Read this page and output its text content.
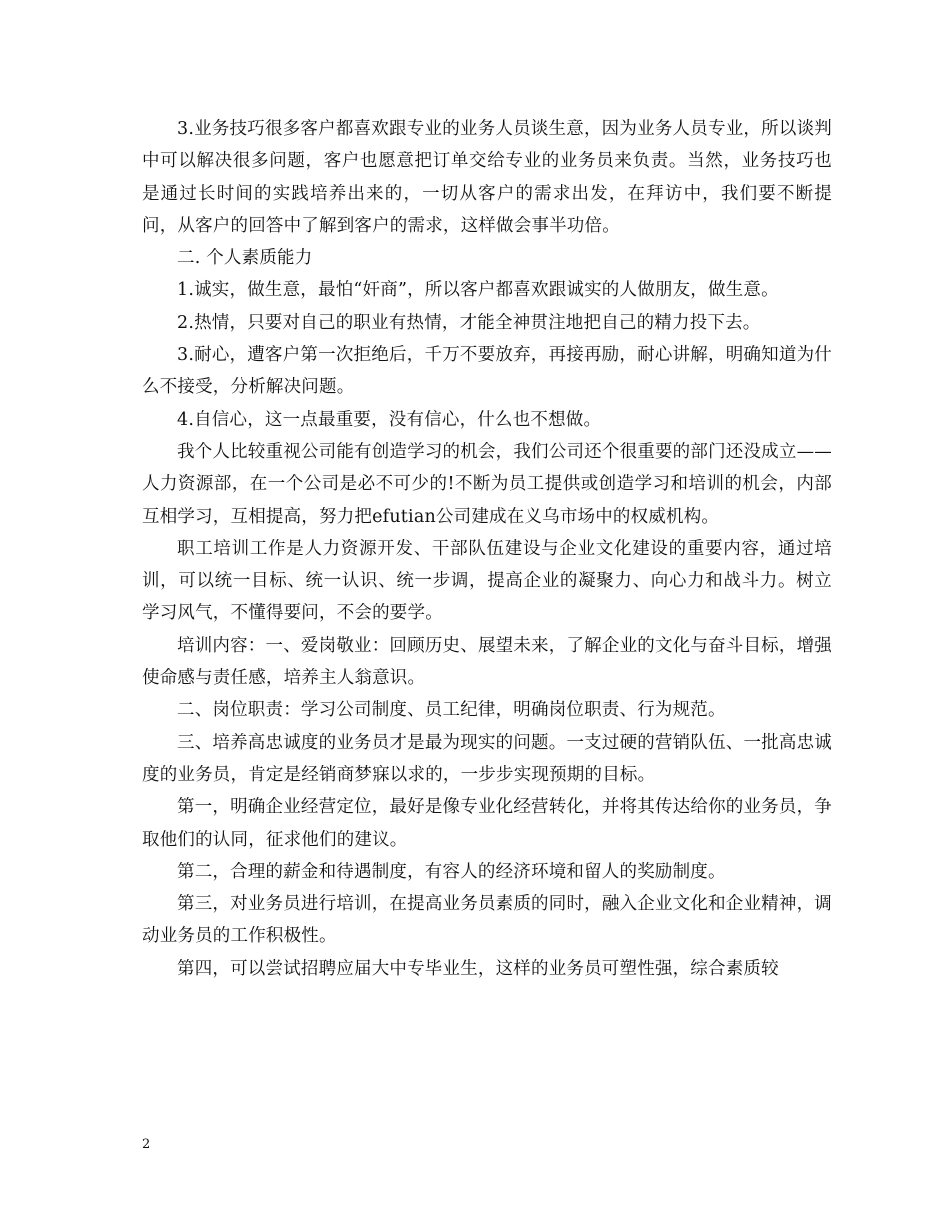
3.业务技巧很多客户都喜欢跟专业的业务人员谈生意，因为业务人员专业，所以谈判中可以解决很多问题，客户也愿意把订单交给专业的业务员来负责。当然，业务技巧也是通过长时间的实践培养出来的，一切从客户的需求出发，在拜访中，我们要不断提问，从客户的回答中了解到客户的需求，这样做会事半功倍。

二. 个人素质能力

1.诚实，做生意，最怕“奸商”，所以客户都喜欢跟诚实的人做朋友，做生意。

2.热情，只要对自己的职业有热情，才能全神贯注地把自己的精力投下去。

3.耐心，遭客户第一次拒绝后，千万不要放弃，再接再励，耐心讲解，明确知道为什么不接受，分析解决问题。

4.自信心，这一点最重要，没有信心，什么也不想做。

我个人比较重视公司能有创造学习的机会，我们公司还个很重要的部门还没成立——人力资源部，在一个公司是必不可少的!不断为员工提供或创造学习和培训的机会，内部互相学习，互相提高，努力把efutian公司建成在义乌市场中的权威机构。

职工培训工作是人力资源开发、干部队伍建设与企业文化建设的重要内容，通过培训，可以统一目标、统一认识、统一步调，提高企业的凝聚力、向心力和战斗力。树立学习风气，不懂得要问，不会的要学。

培训内容：一、爱岗敬业：回顾历史、展望未来，了解企业的文化与奋斗目标，增强使命感与责任感，培养主人翁意识。

二、岗位职责：学习公司制度、员工纪律，明确岗位职责、行为规范。

三、培养高忠诚度的业务员才是最为现实的问题。一支过硬的营销队伍、一批高忠诚度的业务员，肯定是经销商梦寐以求的，一步步实现预期的目标。

第一，明确企业经营定位，最好是像专业化经营转化，并将其传达给你的业务员，争取他们的认同，征求他们的建议。

第二，合理的薪金和待遇制度，有容人的经济环境和留人的奖励制度。

第三，对业务员进行培训，在提高业务员素质的同时，融入企业文化和企业精神，调动业务员的工作积极性。

第四，可以尝试招聘应届大中专毕业生，这样的业务员可塑性强，综合素质较

2
